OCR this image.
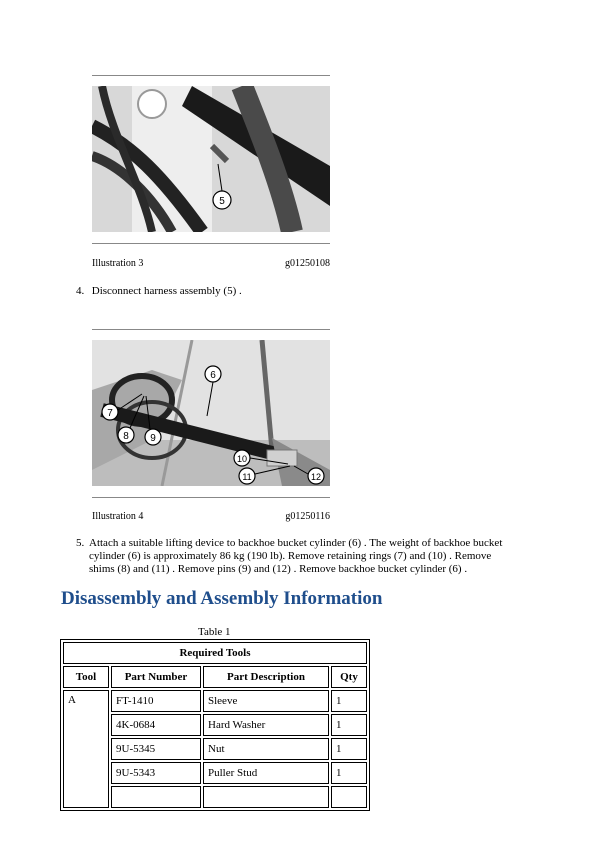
5
Illustration 3	g01250108
4. Disconnect harness assembly (5) .
6
7
8 9
10
11	12
Illustration 4	g01250116
5. Attach a suitable lifting device to backhoe bucket cylinder (6) . The weight of backhoe bucket cylinder (6) is approximately 86 kg (190 lb). Remove retaining rings (7) and (10) . Remove shims (8) and (11) . Remove pins (9) and (12) . Remove backhoe bucket cylinder (6) .
Disassembly and Assembly Information
Table 1
Required Tools			
Tool	Part Number	Part Description	Qty
A	FT-1410	Sleeve	1
	4K-0684	Hard Washer	1
	9U-5345	Nut	1
	9U-5343	Puller Stud	1
